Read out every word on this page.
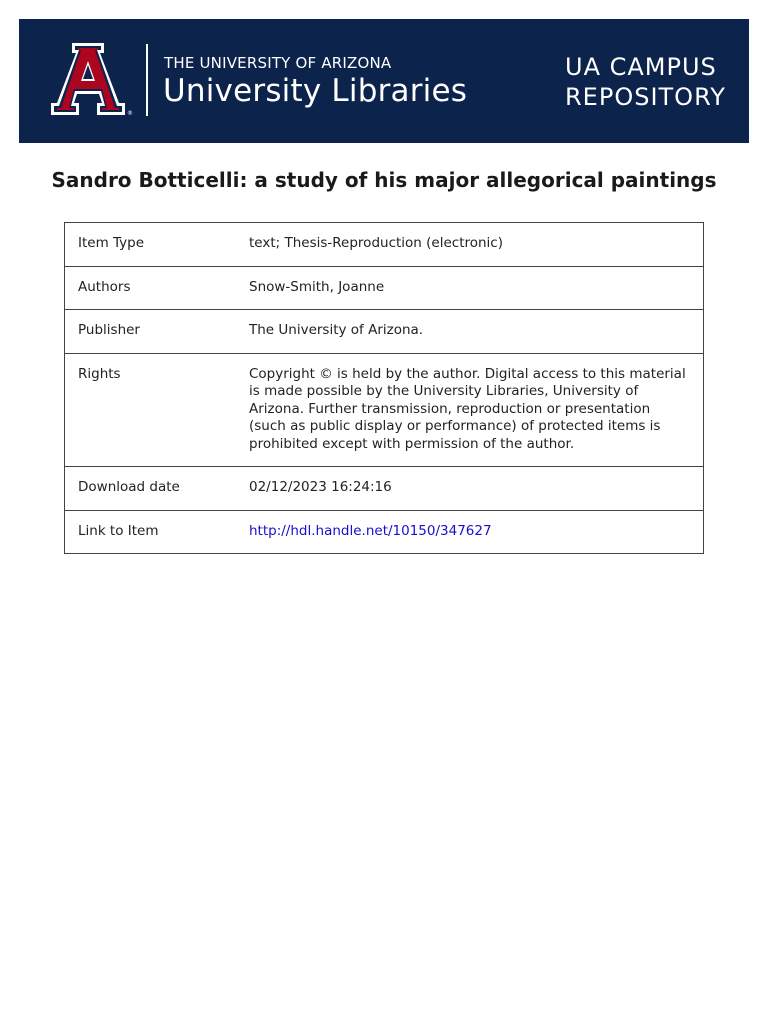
®
THE UNIVERSITY OF ARIZONA
University Libraries
UA CAMPUS
REPOSITORY
Sandro Botticelli: a study of his major allegorical paintings
Item Type	text; Thesis-Reproduction (electronic)
Authors	Snow-Smith, Joanne
Publisher	The University of Arizona.
Rights	Copyright © is held by the author. Digital access to this material is made possible by the University Libraries, University of Arizona. Further transmission, reproduction or presentation (such as public display or performance) of protected items is prohibited except with permission of the author.
Download date	02/12/2023 16:24:16
Link to Item	http://hdl.handle.net/10150/347627
